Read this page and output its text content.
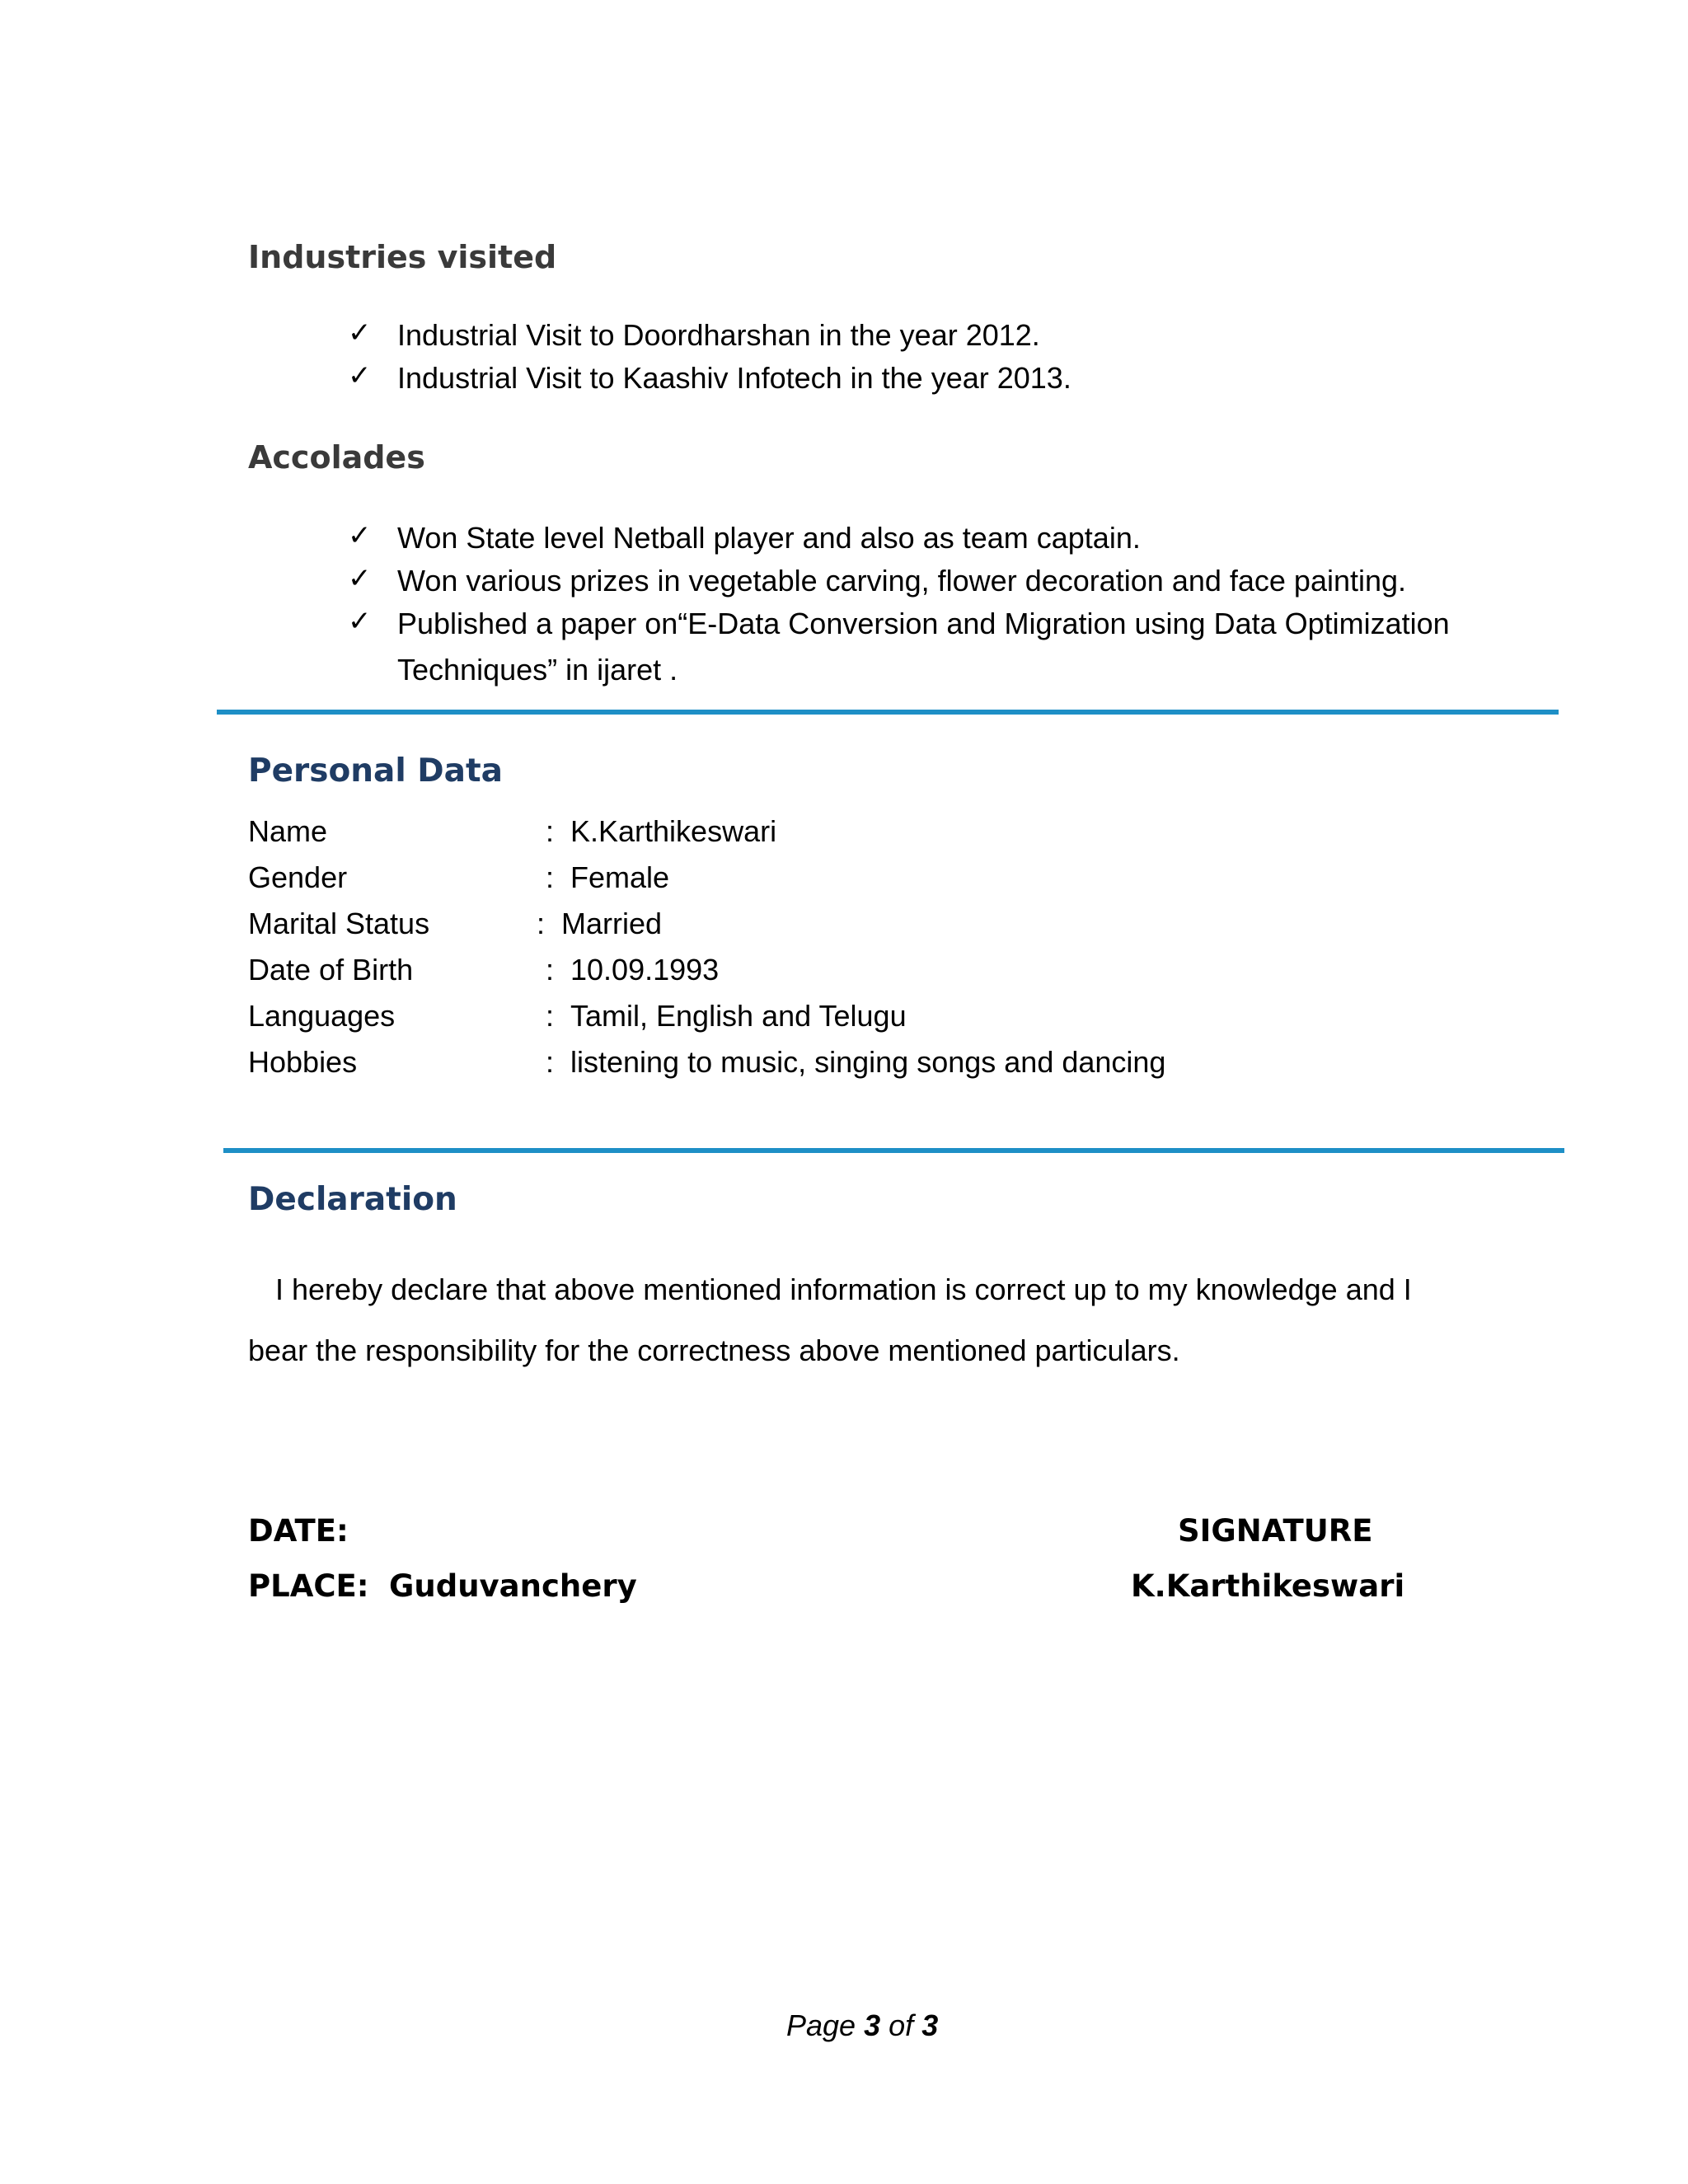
Industries visited
✓ Industrial Visit to Doordharshan in the year 2012.
✓ Industrial Visit to Kaashiv Infotech in the year 2013.
Accolades
✓ Won State level Netball player and also as team captain.
✓ Won various prizes in vegetable carving, flower decoration and face painting.
✓ Published a paper on“E-Data Conversion and Migration using Data Optimization
Techniques” in ijaret .
Personal Data
Name	: K.Karthikeswari
Gender	: Female
Marital Status	: Married
Date of Birth	: 10.09.1993
Languages	: Tamil, English and Telugu
Hobbies	: listening to music, singing songs and dancing
Declaration
I hereby declare that above mentioned information is correct up to my knowledge and I
bear the responsibility for the correctness above mentioned particulars.
DATE:
PLACE: Guduvanchery
SIGNATURE
K.Karthikeswari
Page 3 of 3
